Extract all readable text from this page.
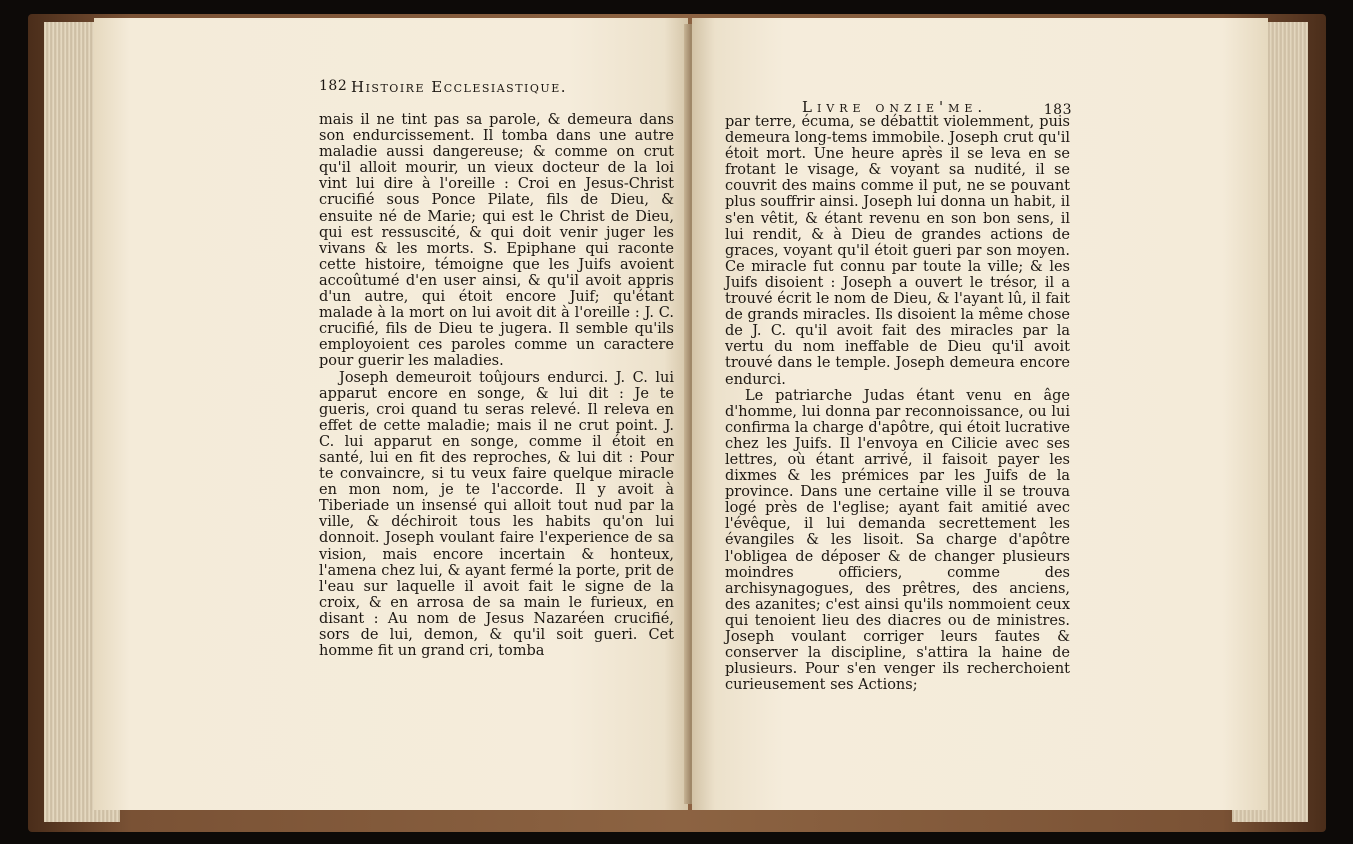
182 Histoire Ecclesiastique.

mais il ne tint pas sa parole, & demeura dans son endurcissement. Il tomba dans une autre maladie aussi dangereuse; & comme on crut qu'il alloit mourir, un vieux docteur de la loi vint lui dire à l'oreille : Croi en Jesus-Christ crucifié sous Ponce Pilate, fils de Dieu, & ensuite né de Marie; qui est le Christ de Dieu, qui est ressuscité, & qui doit venir juger les vivans & les morts. S. Epiphane qui raconte cette histoire, témoigne que les Juifs avoient accoûtumé d'en user ainsi, & qu'il avoit appris d'un autre, qui étoit encore Juif; qu'étant malade à la mort on lui avoit dit à l'oreille : J. C. crucifié, fils de Dieu te jugera. Il semble qu'ils employoient ces paroles comme un caractere pour guerir les maladies.

Joseph demeuroit toûjours endurci. J. C. lui apparut encore en songe, & lui dit : Je te gueris, croi quand tu seras relevé. Il releva en effet de cette maladie; mais il ne crut point. J. C. lui apparut en songe, comme il étoit en santé, lui en fit des reproches, & lui dit : Pour te convaincre, si tu veux faire quelque miracle en mon nom, je te l'accorde. Il y avoit à Tiberiade un insensé qui alloit tout nud par la ville, & déchiroit tous les habits qu'on lui donnoit. Joseph voulant faire l'experience de sa vision, mais encore incertain & honteux, l'amena chez lui, & ayant fermé la porte, prit de l'eau sur laquelle il avoit fait le signe de la croix, & en arrosa de sa main le furieux, en disant : Au nom de Jesus Nazaréen crucifié, sors de lui, demon, & qu'il soit gueri. Cet homme fit un grand cri, tomba

Livre onzie'me.	183

par terre, écuma, se débattit violemment, puis demeura long-tems immobile. Joseph crut qu'il étoit mort. Une heure après il se leva en se frotant le visage, & voyant sa nudité, il se couvrit des mains comme il put, ne se pouvant plus souffrir ainsi. Joseph lui donna un habit, il s'en vêtit, & étant revenu en son bon sens, il lui rendit, & à Dieu de grandes actions de graces, voyant qu'il étoit gueri par son moyen. Ce miracle fut connu par toute la ville; & les Juifs disoient : Joseph a ouvert le trésor, il a trouvé écrit le nom de Dieu, & l'ayant lû, il fait de grands miracles. Ils disoient la même chose de J. C. qu'il avoit fait des miracles par la vertu du nom ineffable de Dieu qu'il avoit trouvé dans le temple. Joseph demeura encore endurci.

Le patriarche Judas étant venu en âge d'homme, lui donna par reconnoissance, ou lui confirma la charge d'apôtre, qui étoit lucrative chez les Juifs. Il l'envoya en Cilicie avec ses lettres, où étant arrivé, il faisoit payer les dixmes & les prémices par les Juifs de la province. Dans une certaine ville il se trouva logé près de l'eglise; ayant fait amitié avec l'évêque, il lui demanda secrettement les évangiles & les lisoit. Sa charge d'apôtre l'obligea de déposer & de changer plusieurs moindres officiers, comme des archisynagogues, des prêtres, des anciens, des azanites; c'est ainsi qu'ils nommoient ceux qui tenoient lieu des diacres ou de ministres. Joseph voulant corriger leurs fautes & conserver la discipline, s'attira la haine de plusieurs. Pour s'en venger ils recherchoient curieusement ses Actions;
